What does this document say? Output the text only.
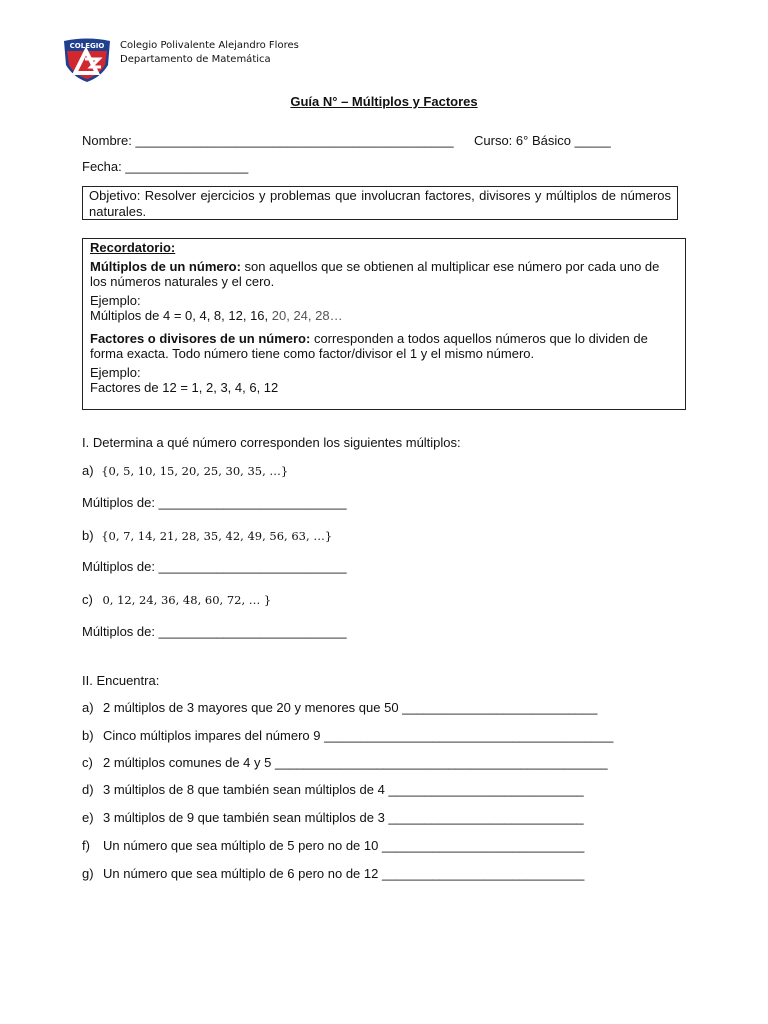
COLEGIO Colegio Polivalente Alejandro Flores
Departamento de Matemática
Guía N° – Múltiplos y Factores
Nombre: ____________________________________________ Curso: 6° Básico _____
Fecha: _________________
Objetivo: Resolver ejercicios y problemas que involucran factores, divisores y múltiplos de números naturales.

Recordatorio:

Múltiplos de un número: son aquellos que se obtienen al multiplicar ese número por cada uno de los números naturales y el cero.

Ejemplo:

Múltiplos de 4 = 0, 4, 8, 12, 16, 20, 24, 28…

Factores o divisores de un número: corresponden a todos aquellos números que lo dividen de forma exacta. Todo número tiene como factor/divisor el 1 y el mismo número.

Ejemplo:

Factores de 12 = 1, 2, 3, 4, 6, 12

I. Determina a qué número corresponden los siguientes múltiplos:
a) {0, 5, 10, 15, 20, 25, 30, 35, …}
Múltiplos de: __________________________
b) {0, 7, 14, 21, 28, 35, 42, 49, 56, 63, …}
Múltiplos de: __________________________
c) 0, 12, 24, 36, 48, 60, 72, … }
Múltiplos de: __________________________
II. Encuentra:
a) 2 múltiplos de 3 mayores que 20 y menores que 50 ___________________________
b) Cinco múltiplos impares del número 9 ________________________________________
c) 2 múltiplos comunes de 4 y 5 ______________________________________________
d) 3 múltiplos de 8 que también sean múltiplos de 4 ___________________________
e) 3 múltiplos de 9 que también sean múltiplos de 3 ___________________________
f) Un número que sea múltiplo de 5 pero no de 10 ____________________________
g) Un número que sea múltiplo de 6 pero no de 12 ____________________________
